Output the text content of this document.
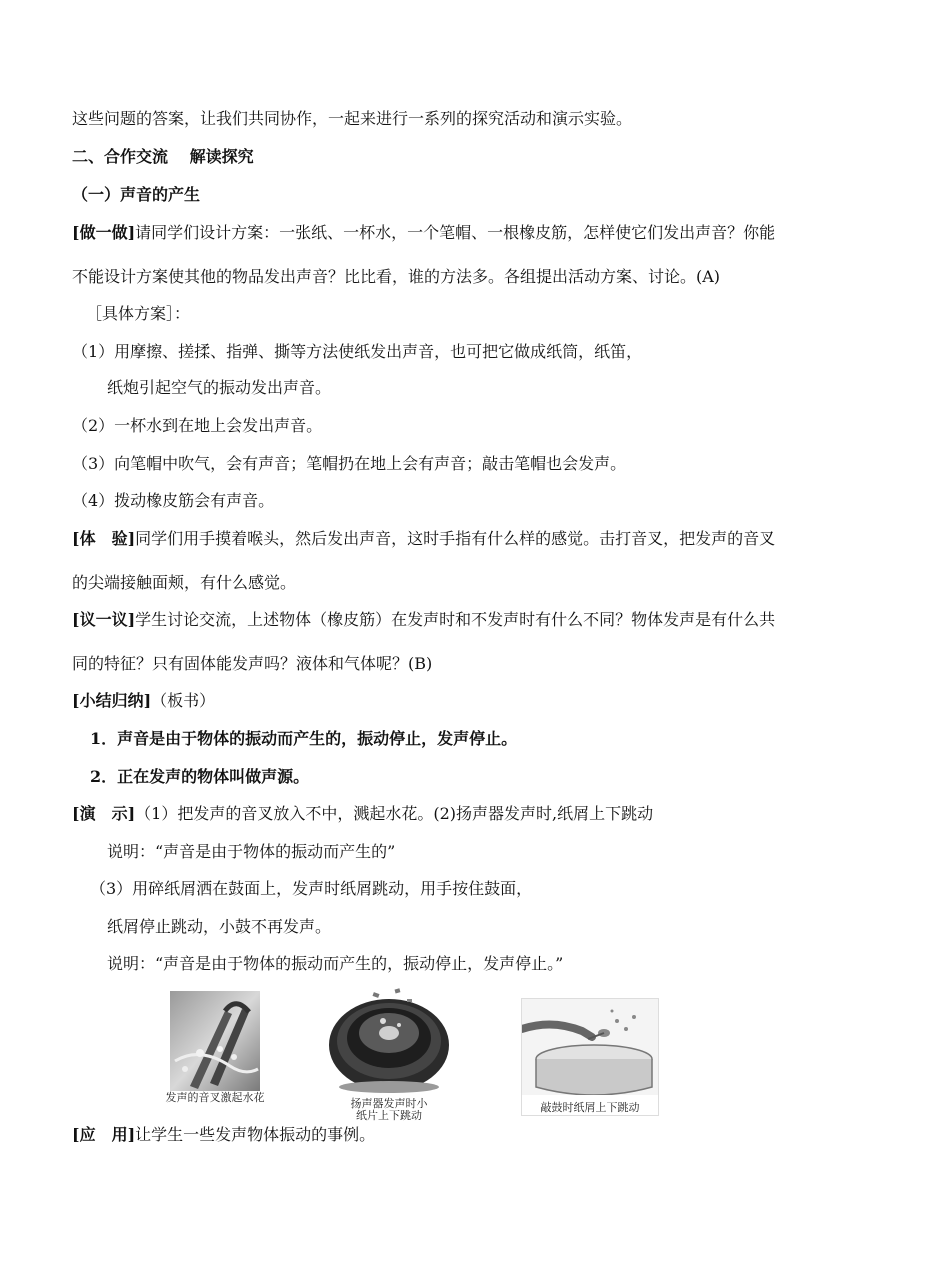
这些问题的答案，让我们共同协作，一起来进行一系列的探究活动和演示实验。
二、合作交流　 解读探究
（一）声音的产生
[做一做]请同学们设计方案：一张纸、一杯水，一个笔帽、一根橡皮筋，怎样使它们发出声音？你能
不能设计方案使其他的物品发出声音？比比看，谁的方法多。各组提出活动方案、讨论。(A)
［具体方案］：
（1）用摩擦、搓揉、指弹、撕等方法使纸发出声音，也可把它做成纸筒，纸笛，
纸炮引起空气的振动发出声音。
（2）一杯水到在地上会发出声音。
（3）向笔帽中吹气，会有声音；笔帽扔在地上会有声音；敲击笔帽也会发声。
（4）拨动橡皮筋会有声音。
[体　验]同学们用手摸着喉头，然后发出声音，这时手指有什么样的感觉。击打音叉，把发声的音叉
的尖端接触面颊，有什么感觉。
[议一议]学生讨论交流，上述物体（橡皮筋）在发声时和不发声时有什么不同？物体发声是有什么共
同的特征？只有固体能发声吗？液体和气体呢？(B)
[小结归纳]（板书）
1．声音是由于物体的振动而产生的，振动停止，发声停止。
2．正在发声的物体叫做声源。
[演　示]（1）把发声的音叉放入不中，溅起水花。(2)扬声器发声时,纸屑上下跳动
说明：“声音是由于物体的振动而产生的”
（3）用碎纸屑洒在鼓面上，发声时纸屑跳动，用手按住鼓面，
纸屑停止跳动，小鼓不再发声。
说明：“声音是由于物体的振动而产生的，振动停止，发声停止。”
发声的音叉激起水花	扬声器发声时小
纸片上下跳动
敲鼓时纸屑上下跳动
[应　用]让学生一些发声物体振动的事例。
